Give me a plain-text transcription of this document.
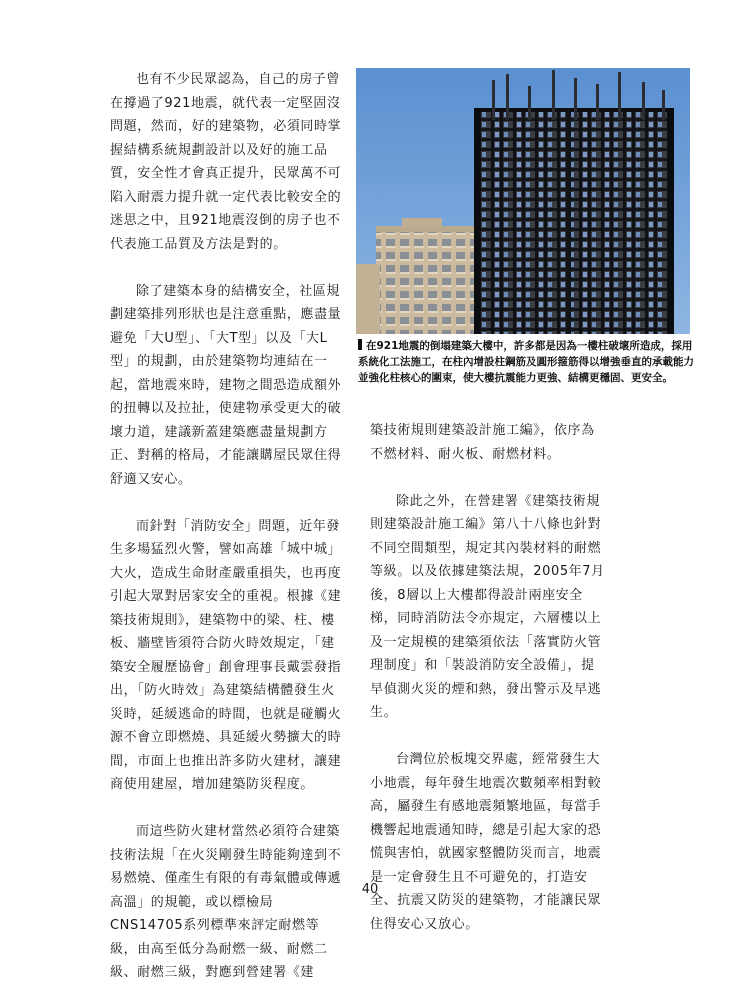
也有不少民眾認為，自己的房子曾在撐過了921地震，就代表一定堅固沒問題，然而，好的建築物，必須同時掌握結構系統規劃設計以及好的施工品質，安全性才會真正提升，民眾萬不可陷入耐震力提升就一定代表比較安全的迷思之中，且921地震沒倒的房子也不代表施工品質及方法是對的。

除了建築本身的結構安全，社區規劃建築排列形狀也是注意重點，應盡量避免「大U型」、「大T型」以及「大L型」的規劃，由於建築物均連結在一起，當地震來時，建物之間恐造成額外的扭轉以及拉扯，使建物承受更大的破壞力道，建議新蓋建築應盡量規劃方正、對稱的格局，才能讓購屋民眾住得舒適又安心。

而針對「消防安全」問題，近年發生多場猛烈火警，譬如高雄「城中城」大火，造成生命財產嚴重損失，也再度引起大眾對居家安全的重視。根據《建築技術規則》，建築物中的梁、柱、樓板、牆壁皆須符合防火時效規定，「建築安全履歷協會」創會理事長戴雲發指出，「防火時效」為建築結構體發生火災時，延緩逃命的時間，也就是碰觸火源不會立即燃燒、具延緩火勢擴大的時間，市面上也推出許多防火建材，讓建商使用建屋，增加建築防災程度。

而這些防火建材當然必須符合建築技術法規「在火災剛發生時能夠達到不易燃燒、僅產生有限的有毒氣體或傳遞高溫」的規範，或以標檢局CNS14705系列標準來評定耐燃等級，由高至低分為耐燃一級、耐燃二級、耐燃三級，對應到營建署《建

在921地震的倒塌建築大樓中，許多都是因為一樓柱破壞所造成，採用系統化工法施工，在柱內增設柱鋼筋及圓形箍筋得以增強垂直的承載能力並強化柱核心的圍束，使大樓抗震能力更強、結構更穩固、更安全。

築技術規則建築設計施工編》，依序為不燃材料、耐火板、耐燃材料。

除此之外，在營建署《建築技術規則建築設計施工編》第八十八條也針對不同空間類型，規定其內裝材料的耐燃等級。以及依據建築法規，2005年7月後，8層以上大樓都得設計兩座安全梯，同時消防法令亦規定，六層樓以上及一定規模的建築須依法「落實防火管理制度」和「裝設消防安全設備」，提早偵測火災的煙和熱，發出警示及早逃生。

台灣位於板塊交界處，經常發生大小地震，每年發生地震次數頻率相對較高，屬發生有感地震頻繁地區，每當手機響起地震通知時，總是引起大家的恐慌與害怕，就國家整體防災而言，地震是一定會發生且不可避免的，打造安全、抗震又防災的建築物，才能讓民眾住得安心又放心。

40
